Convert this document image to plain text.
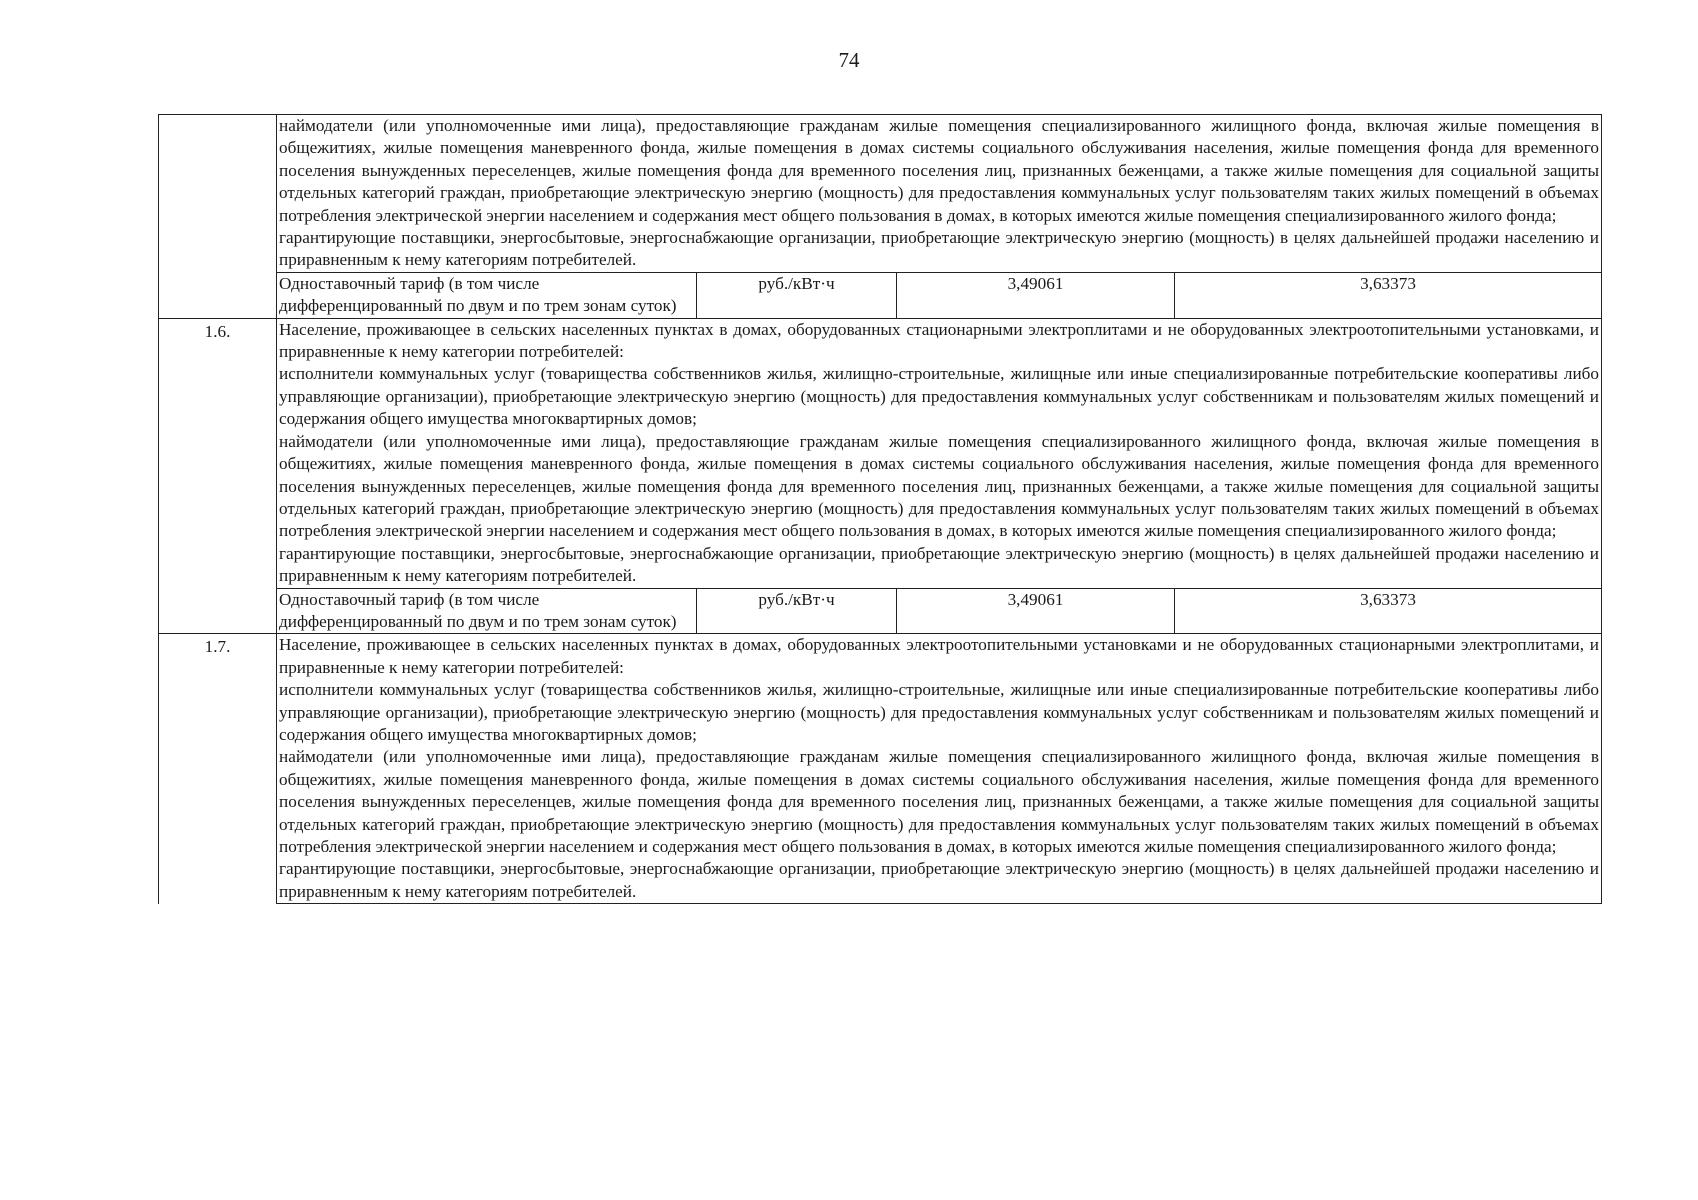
74

	наймодатели (или уполномоченные ими лица), предоставляющие гражданам жилые помещения специализированного жилищного фонда, включая жилые помещения в общежитиях, жилые помещения маневренного фонда, жилые помещения в домах системы социального обслуживания населения, жилые помещения фонда для временного поселения вынужденных переселенцев, жилые помещения фонда для временного поселения лиц, признанных беженцами, а также жилые помещения для социальной защиты отдельных категорий граждан, приобретающие электрическую энергию (мощность) для предоставления коммунальных услуг пользователям таких жилых помещений в объемах потребления электрической энергии населением и содержания мест общего пользования в домах, в которых имеются жилые помещения специализированного жилого фонда;
гарантирующие поставщики, энергосбытовые, энергоснабжающие организации, приобретающие электрическую энергию (мощность) в целях дальнейшей продажи населению и приравненным к нему категориям потребителей.			

	Одноставочный тариф (в том числе дифференцированный по двум и по трем зонам суток)	руб./кВт·ч	3,49061	3,63373

1.6.	Население, проживающее в сельских населенных пунктах в домах, оборудованных стационарными электроплитами и не оборудованных электроотопительными установками, и приравненные к нему категории потребителей:
исполнители коммунальных услуг (товарищества собственников жилья, жилищно-строительные, жилищные или иные специализированные потребительские кооперативы либо управляющие организации), приобретающие электрическую энергию (мощность) для предоставления коммунальных услуг собственникам и пользователям жилых помещений и содержания общего имущества многоквартирных домов;
наймодатели (или уполномоченные ими лица), предоставляющие гражданам жилые помещения специализированного жилищного фонда, включая жилые помещения в общежитиях, жилые помещения маневренного фонда, жилые помещения в домах системы социального обслуживания населения, жилые помещения фонда для временного поселения вынужденных переселенцев, жилые помещения фонда для временного поселения лиц, признанных беженцами, а также жилые помещения для социальной защиты отдельных категорий граждан, приобретающие электрическую энергию (мощность) для предоставления коммунальных услуг пользователям таких жилых помещений в объемах потребления электрической энергии населением и содержания мест общего пользования в домах, в которых имеются жилые помещения специализированного жилого фонда;
гарантирующие поставщики, энергосбытовые, энергоснабжающие организации, приобретающие электрическую энергию (мощность) в целях дальнейшей продажи населению и приравненным к нему категориям потребителей.			

	Одноставочный тариф (в том числе дифференцированный по двум и по трем зонам суток)	руб./кВт·ч	3,49061	3,63373

1.7.	Население, проживающее в сельских населенных пунктах в домах, оборудованных электроотопительными установками и не оборудованных стационарными электроплитами, и приравненные к нему категории потребителей:
исполнители коммунальных услуг (товарищества собственников жилья, жилищно-строительные, жилищные или иные специализированные потребительские кооперативы либо управляющие организации), приобретающие электрическую энергию (мощность) для предоставления коммунальных услуг собственникам и пользователям жилых помещений и содержания общего имущества многоквартирных домов;
наймодатели (или уполномоченные ими лица), предоставляющие гражданам жилые помещения специализированного жилищного фонда, включая жилые помещения в общежитиях, жилые помещения маневренного фонда, жилые помещения в домах системы социального обслуживания населения, жилые помещения фонда для временного поселения вынужденных переселенцев, жилые помещения фонда для временного поселения лиц, признанных беженцами, а также жилые помещения для социальной защиты отдельных категорий граждан, приобретающие электрическую энергию (мощность) для предоставления коммунальных услуг пользователям таких жилых помещений в объемах потребления электрической энергии населением и содержания мест общего пользования в домах, в которых имеются жилые помещения специализированного жилого фонда;
гарантирующие поставщики, энергосбытовые, энергоснабжающие организации, приобретающие электрическую энергию (мощность) в целях дальнейшей продажи населению и приравненным к нему категориям потребителей.			
